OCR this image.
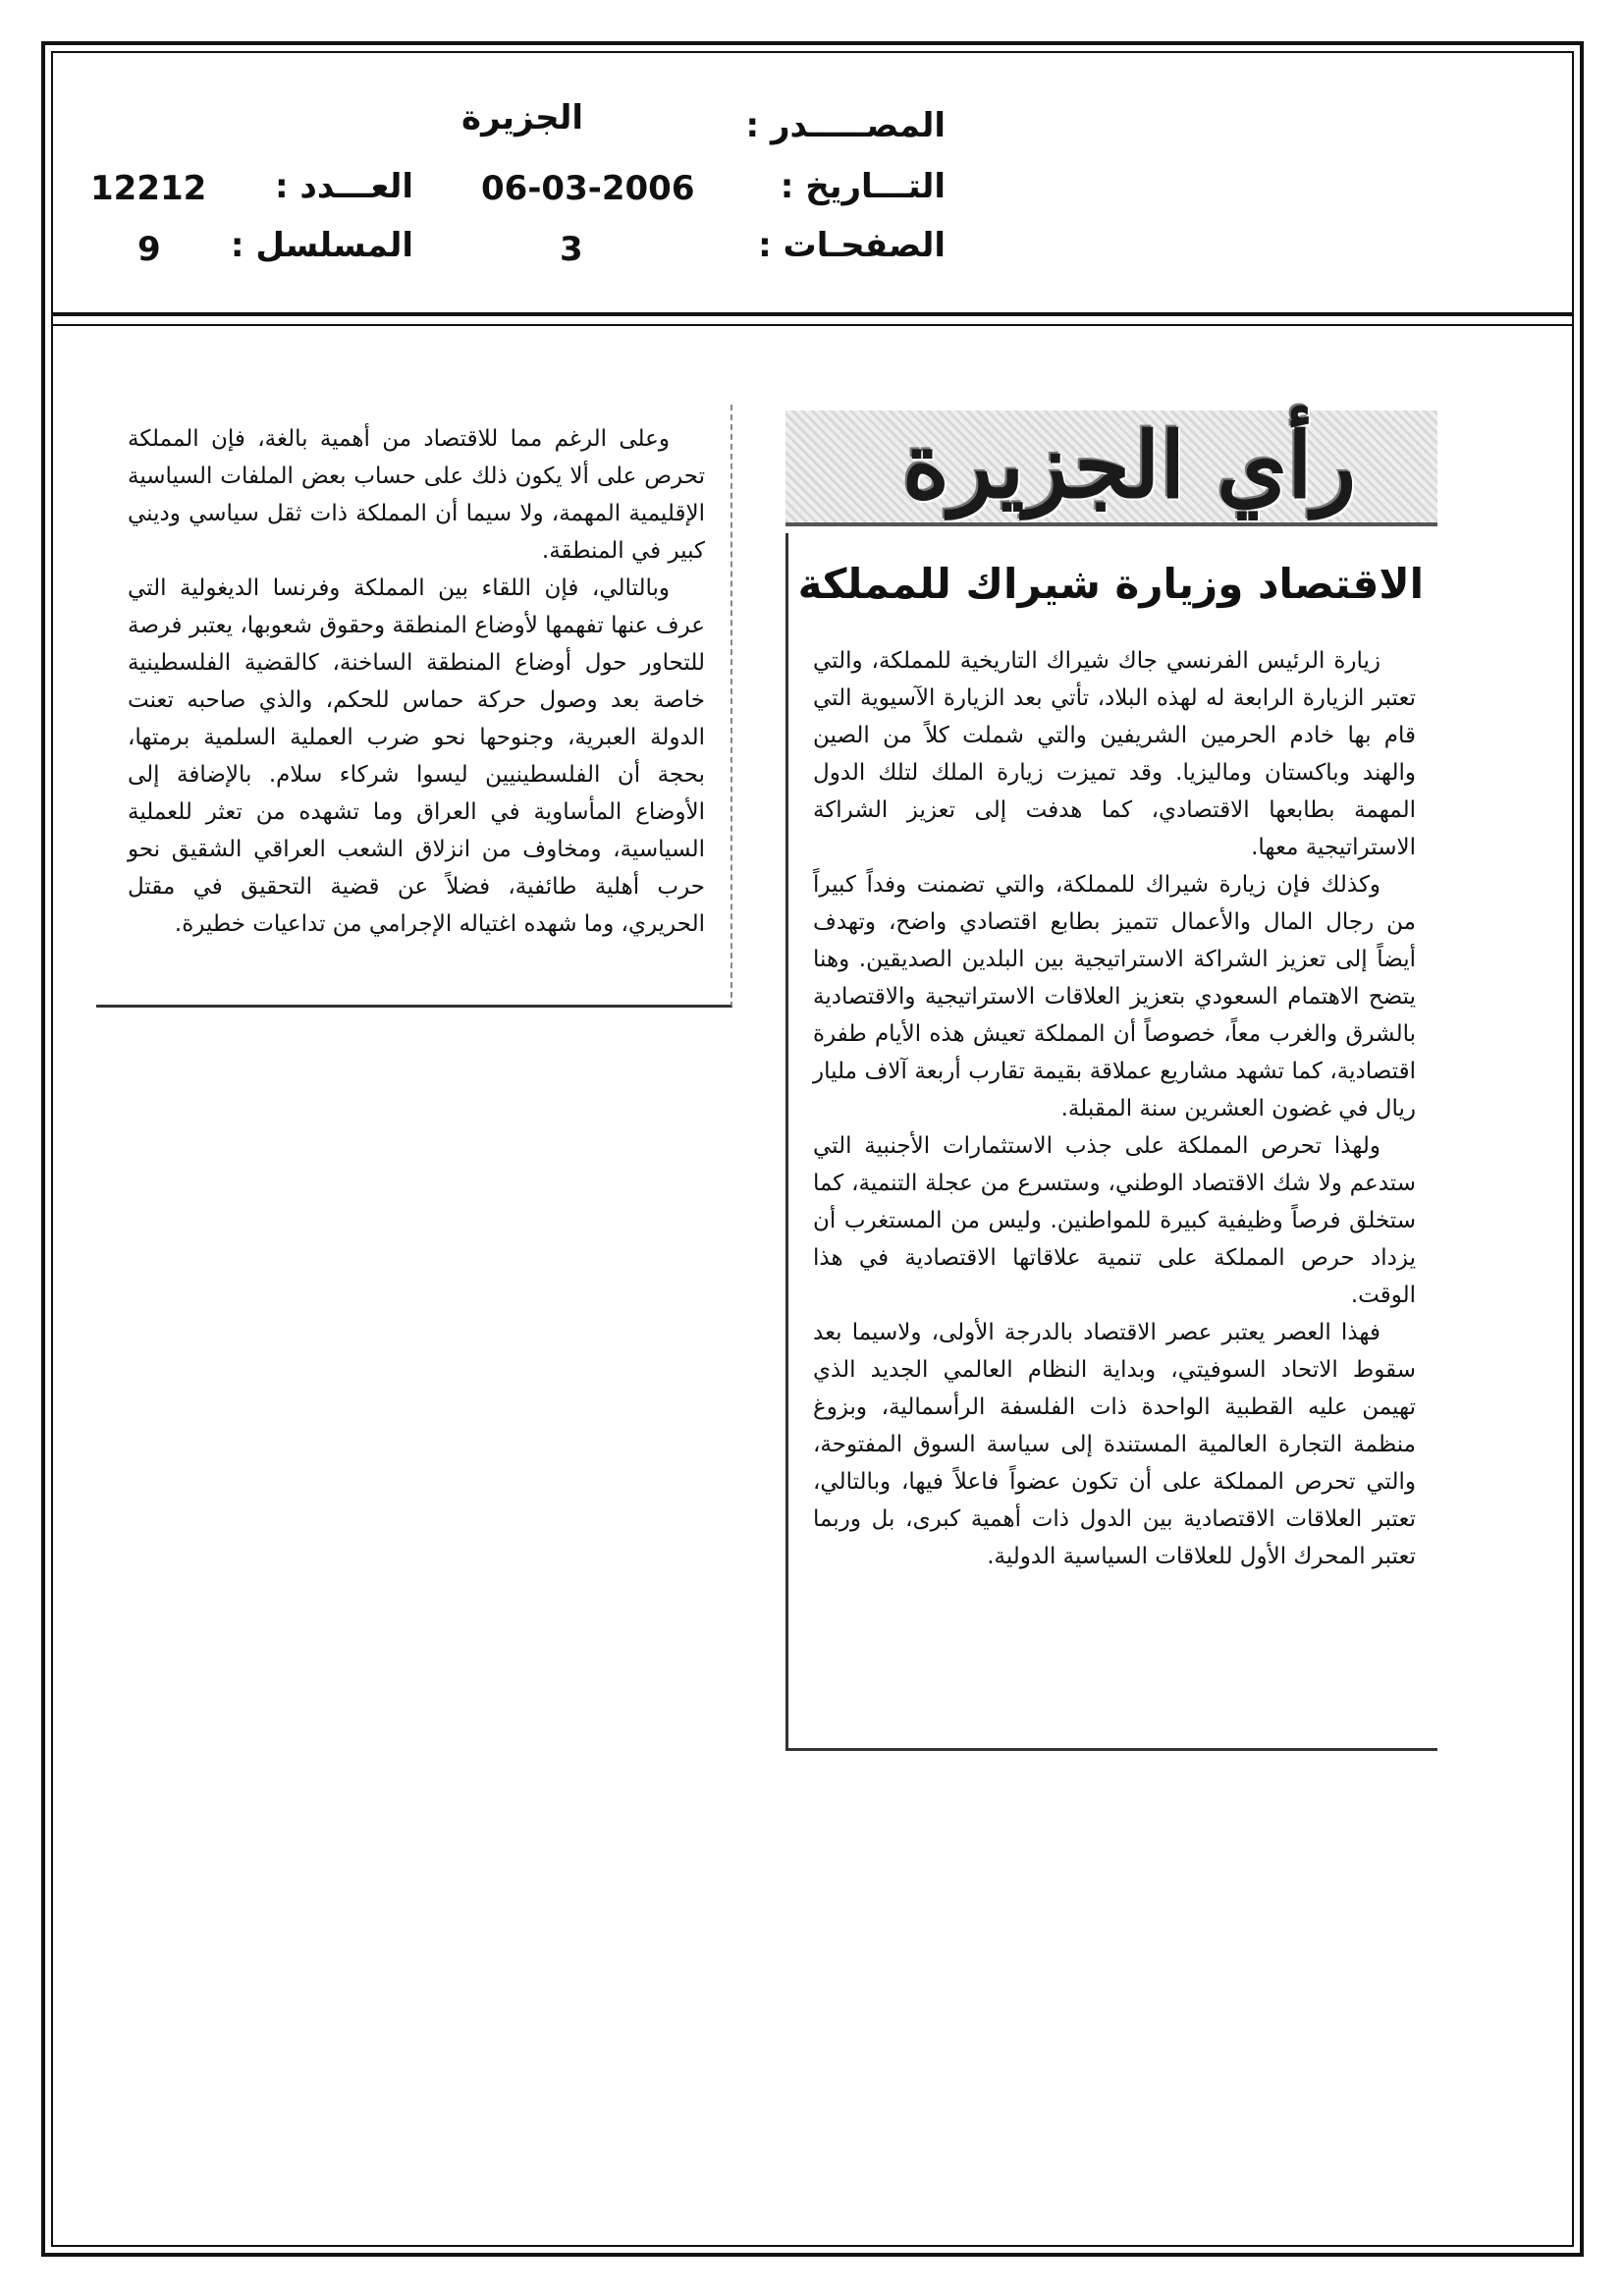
المصـــــدر :
الجزيرة
التـــاريخ :
06-03-2006
الصفحـات :
3
العـــدد :
12212
المسلسل :
9

وعلى الرغم مما للاقتصاد من أهمية بالغة، فإن المملكة تحرص على ألا يكون ذلك على حساب بعض الملفات السياسية الإقليمية المهمة، ولا سيما أن المملكة ذات ثقل سياسي وديني كبير في المنطقة.

وبالتالي، فإن اللقاء بين المملكة وفرنسا الديغولية التي عرف عنها تفهمها لأوضاع المنطقة وحقوق شعوبها، يعتبر فرصة للتحاور حول أوضاع المنطقة الساخنة، كالقضية الفلسطينية خاصة بعد وصول حركة حماس للحكم، والذي صاحبه تعنت الدولة العبرية، وجنوحها نحو ضرب العملية السلمية برمتها، بحجة أن الفلسطينيين ليسوا شركاء سلام. بالإضافة إلى الأوضاع المأساوية في العراق وما تشهده من تعثر للعملية السياسية، ومخاوف من انزلاق الشعب العراقي الشقيق نحو حرب أهلية طائفية، فضلاً عن قضية التحقيق في مقتل الحريري، وما شهده اغتياله الإجرامي من تداعيات خطيرة.

رأي الجزيرة
الاقتصاد وزيارة شيراك للمملكة

زيارة الرئيس الفرنسي جاك شيراك التاريخية للمملكة، والتي تعتبر الزيارة الرابعة له لهذه البلاد، تأتي بعد الزيارة الآسيوية التي قام بها خادم الحرمين الشريفين والتي شملت كلاً من الصين والهند وباكستان وماليزيا. وقد تميزت زيارة الملك لتلك الدول المهمة بطابعها الاقتصادي، كما هدفت إلى تعزيز الشراكة الاستراتيجية معها.

وكذلك فإن زيارة شيراك للمملكة، والتي تضمنت وفداً كبيراً من رجال المال والأعمال تتميز بطابع اقتصادي واضح، وتهدف أيضاً إلى تعزيز الشراكة الاستراتيجية بين البلدين الصديقين. وهنا يتضح الاهتمام السعودي بتعزيز العلاقات الاستراتيجية والاقتصادية بالشرق والغرب معاً، خصوصاً أن المملكة تعيش هذه الأيام طفرة اقتصادية، كما تشهد مشاريع عملاقة بقيمة تقارب أربعة آلاف مليار ريال في غضون العشرين سنة المقبلة.

ولهذا تحرص المملكة على جذب الاستثمارات الأجنبية التي ستدعم ولا شك الاقتصاد الوطني، وستسرع من عجلة التنمية، كما ستخلق فرصاً وظيفية كبيرة للمواطنين. وليس من المستغرب أن يزداد حرص المملكة على تنمية علاقاتها الاقتصادية في هذا الوقت.

فهذا العصر يعتبر عصر الاقتصاد بالدرجة الأولى، ولاسيما بعد سقوط الاتحاد السوفيتي، وبداية النظام العالمي الجديد الذي تهيمن عليه القطبية الواحدة ذات الفلسفة الرأسمالية، وبزوغ منظمة التجارة العالمية المستندة إلى سياسة السوق المفتوحة، والتي تحرص المملكة على أن تكون عضواً فاعلاً فيها، وبالتالي، تعتبر العلاقات الاقتصادية بين الدول ذات أهمية كبرى، بل وربما تعتبر المحرك الأول للعلاقات السياسية الدولية.
